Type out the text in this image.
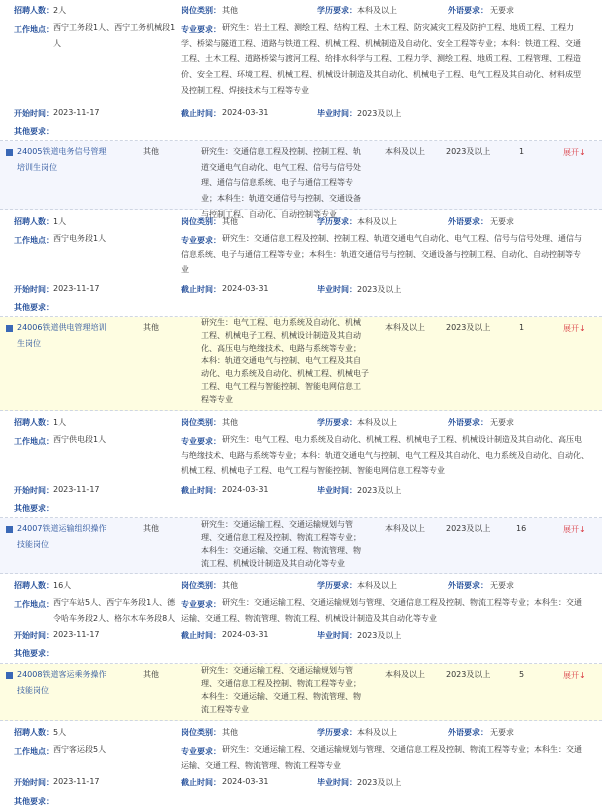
招聘人数： 2人	岗位类别： 其他	学历要求： 本科及以上	外语要求： 无要求
工作地点： 西宁工务段1人、西宁工务机械段1
人
专业要求： 研究生：岩土工程、测绘工程、结构工程、土木工程、防灾减灾工程及防护工程、地质工程、工程力
学、桥梁与隧道工程、道路与铁道工程、机械工程、机械制造及自动化、安全工程等专业；本科：铁道工程、交通
工程、土木工程、道路桥梁与渡河工程、给排水科学与工程、工程力学、测绘工程、地质工程、工程管理、工程造
价、安全工程、环境工程、机械工程、机械设计制造及其自动化、机械电子工程、电气工程及其自动化、材料成型
及控制工程、焊接技术与工程等专业
开始时间： 2023-11-17	截止时间： 2024-03-31	毕业时间： 2023及以上
其他要求：
24005铁道电务信号管理
培训生岗位
其他	研究生：交通信息工程及控制、控制工程、轨
道交通电气自动化、电气工程、信号与信号处
理、通信与信息系统、电子与通信工程等专
业；本科生：轨道交通信号与控制、交通设备
与控制工程、自动化、自动控制等专业
本科及以上	2023及以上	1	展开↓
招聘人数： 1人	岗位类别： 其他	学历要求： 本科及以上	外语要求： 无要求
工作地点： 西宁电务段1人	专业要求： 研究生：交通信息工程及控制、控制工程、轨道交通电气自动化、电气工程、信号与信号处理、通信与
信息系统、电子与通信工程等专业；本科生：轨道交通信号与控制、交通设备与控制工程、自动化、自动控制等专
业
开始时间： 2023-11-17	截止时间： 2024-03-31	毕业时间： 2023及以上
其他要求：
24006铁道供电管理培训
生岗位
其他
研究生：电气工程、电力系统及自动化、机械
工程、机械电子工程、机械设计制造及其自动
化、高压电与绝缘技术、电路与系统等专业；
本科：轨道交通电气与控制、电气工程及其自
动化、电力系统及自动化、机械工程、机械电子
工程、电气工程与智能控制、智能电网信息工
程等专业
本科及以上	2023及以上	1	展开↓
招聘人数： 1人	岗位类别： 其他	学历要求： 本科及以上	外语要求： 无要求
工作地点： 西宁供电段1人	专业要求： 研究生：电气工程、电力系统及自动化、机械工程、机械电子工程、机械设计制造及其自动化、高压电
与绝缘技术、电路与系统等专业；本科：轨道交通电气与控制、电气工程及其自动化、电力系统及自动化、自动化、
机械工程、机械电子工程、电气工程与智能控制、智能电网信息工程等专业
开始时间： 2023-11-17	截止时间： 2024-03-31	毕业时间： 2023及以上
其他要求：
24007铁道运输组织操作
技能岗位
其他	研究生：交通运输工程、交通运输规划与管
理、交通信息工程及控制、物流工程等专业；
本科生：交通运输、交通工程、物流管理、物
流工程、机械设计制造及其自动化等专业
本科及以上	2023及以上	16	展开↓
招聘人数： 16人	岗位类别： 其他	学历要求： 本科及以上	外语要求： 无要求
工作地点： 西宁车站5人、西宁车务段1人、德
令哈车务段2人、格尔木车务段8人
专业要求： 研究生：交通运输工程、交通运输规划与管理、交通信息工程及控制、物流工程等专业；本科生：交通
运输、交通工程、物流管理、物流工程、机械设计制造及其自动化等专业
开始时间： 2023-11-17	截止时间： 2024-03-31	毕业时间： 2023及以上
其他要求：
24008铁道客运乘务操作
技能岗位
其他	研究生：交通运输工程、交通运输规划与管
理、交通信息工程及控制、物流工程等专业；
本科生：交通运输、交通工程、物流管理、物
流工程等专业
本科及以上	2023及以上	5	展开↓
招聘人数： 5人	岗位类别： 其他	学历要求： 本科及以上	外语要求： 无要求
工作地点： 西宁客运段5人	专业要求： 研究生：交通运输工程、交通运输规划与管理、交通信息工程及控制、物流工程等专业；本科生：交通
运输、交通工程、物流管理、物流工程等专业
开始时间： 2023-11-17	截止时间： 2024-03-31	毕业时间： 2023及以上
其他要求：
